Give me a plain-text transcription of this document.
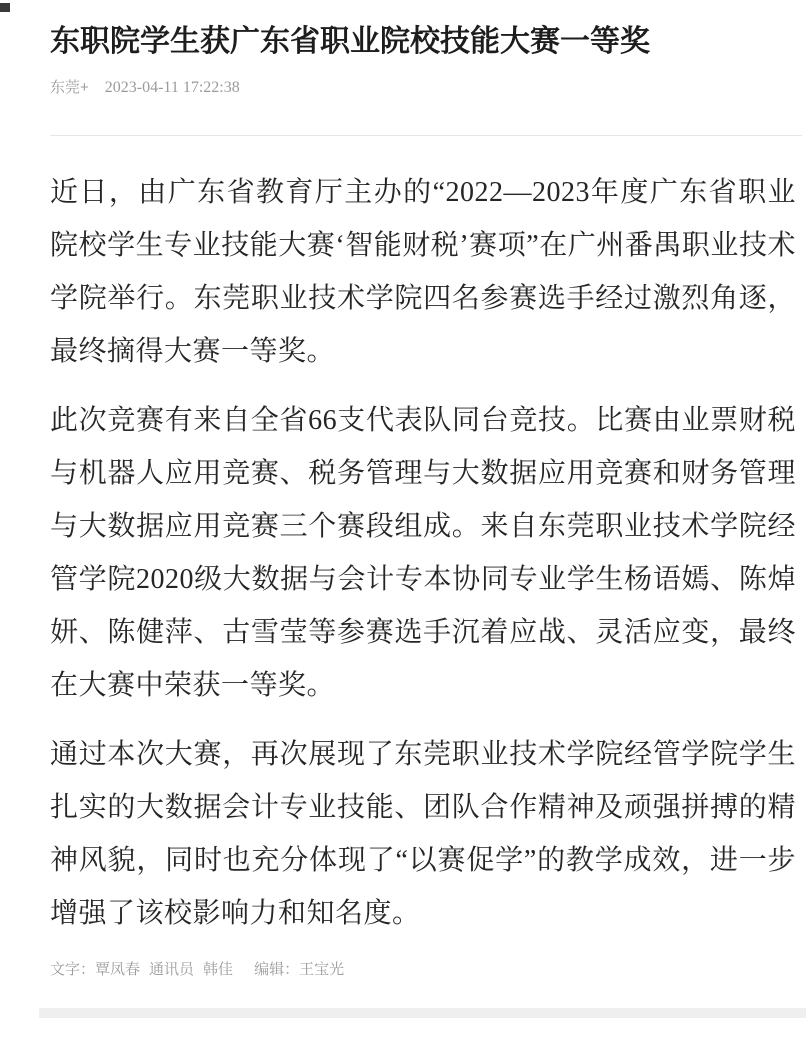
东职院学生获广东省职业院校技能大赛一等奖
东莞+ 2023-04-11 17:22:38

近日，由广东省教育厅主办的“2022—2023年度广东省职业院校学生专业技能大赛‘智能财税’赛项”在广州番禺职业技术学院举行。东莞职业技术学院四名参赛选手经过激烈角逐，最终摘得大赛一等奖。

此次竞赛有来自全省66支代表队同台竞技。比赛由业票财税与机器人应用竞赛、税务管理与大数据应用竞赛和财务管理与大数据应用竞赛三个赛段组成。来自东莞职业技术学院经管学院2020级大数据与会计专本协同专业学生杨语嫣、陈焯妍、陈健萍、古雪莹等参赛选手沉着应战、灵活应变，最终在大赛中荣获一等奖。

通过本次大赛，再次展现了东莞职业技术学院经管学院学生扎实的大数据会计专业技能、团队合作精神及顽强拼搏的精神风貌，同时也充分体现了“以赛促学”的教学成效，进一步增强了该校影响力和知名度。

文字：覃凤春 通讯员 韩佳 编辑：王宝光
